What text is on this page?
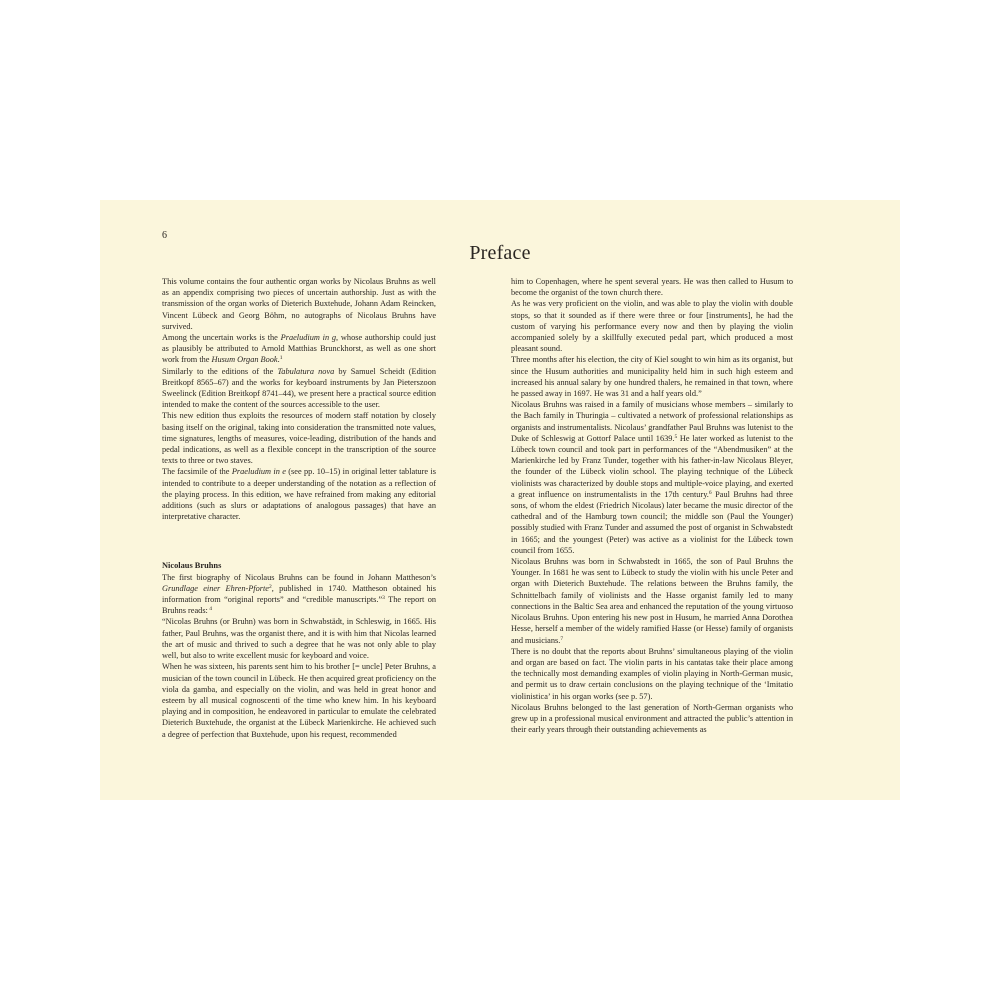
6
Preface

This volume contains the four authentic organ works by Nicolaus Bruhns as well as an appendix comprising two pieces of uncertain authorship. Just as with the transmission of the organ works of Dieterich Buxtehude, Johann Adam Reincken, Vincent Lübeck and Georg Böhm, no autographs of Nicolaus Bruhns have survived.

Among the uncertain works is the Praeludium in g, whose authorship could just as plausibly be attributed to Arnold Matthias Brunckhorst, as well as one short work from the Husum Organ Book.$^1$

Similarly to the editions of the Tabulatura nova by Samuel Scheidt (Edition Breitkopf 8565–67) and the works for keyboard instruments by Jan Pieterszoon Sweelinck (Edition Breitkopf 8741–44), we present here a practical source edition intended to make the content of the sources accessible to the user.

This new edition thus exploits the resources of modern staff notation by closely basing itself on the original, taking into consideration the transmitted note values, time signatures, lengths of measures, voice-leading, distribution of the hands and pedal indications, as well as a flexible concept in the transcription of the source texts to three or two staves.

The facsimile of the Praeludium in e (see pp. 10–15) in original letter tablature is intended to contribute to a deeper understanding of the notation as a reflection of the playing process. In this edition, we have refrained from making any editorial additions (such as slurs or adaptations of analogous passages) that have an interpretative character.

Nicolaus Bruhns

The first biography of Nicolaus Bruhns can be found in Johann Mattheson’s Grundlage einer Ehren-Pforte$^2$, published in 1740. Mattheson obtained his information from “original reports” and “credible manuscripts.”$^3$ The report on Bruhns reads: $^4$

“Nicolas Bruhns (or Bruhn) was born in Schwabstädt, in Schleswig, in 1665. His father, Paul Bruhns, was the organist there, and it is with him that Nicolas learned the art of music and thrived to such a degree that he was not only able to play well, but also to write excellent music for keyboard and voice.

When he was sixteen, his parents sent him to his brother [= uncle] Peter Bruhns, a musician of the town council in Lübeck. He then acquired great proficiency on the viola da gamba, and especially on the violin, and was held in great honor and esteem by all musical cognoscenti of the time who knew him. In his keyboard playing and in composition, he endeavored in particular to emulate the celebrated Dieterich Buxtehude, the organist at the Lübeck Marienkirche. He achieved such a degree of perfection that Buxtehude, upon his request, recommended

him to Copenhagen, where he spent several years. He was then called to Husum to become the organist of the town church there.

As he was very proficient on the violin, and was able to play the violin with double stops, so that it sounded as if there were three or four [instruments], he had the custom of varying his performance every now and then by playing the violin accompanied solely by a skillfully executed pedal part, which produced a most pleasant sound.

Three months after his election, the city of Kiel sought to win him as its organist, but since the Husum authorities and municipality held him in such high esteem and increased his annual salary by one hundred thalers, he remained in that town, where he passed away in 1697. He was 31 and a half years old.”

Nicolaus Bruhns was raised in a family of musicians whose members – similarly to the Bach family in Thuringia – cultivated a network of professional relationships as organists and instrumentalists. Nicolaus’ grandfather Paul Bruhns was lutenist to the Duke of Schleswig at Gottorf Palace until 1639.$^5$ He later worked as lutenist to the Lübeck town council and took part in performances of the “Abendmusiken” at the Marienkirche led by Franz Tunder, together with his father-in-law Nicolaus Bleyer, the founder of the Lübeck violin school. The playing technique of the Lübeck violinists was characterized by double stops and multiple-voice playing, and exerted a great influence on instrumentalists in the 17th century.$^6$ Paul Bruhns had three sons, of whom the eldest (Friedrich Nicolaus) later became the music director of the cathedral and of the Hamburg town council; the middle son (Paul the Younger) possibly studied with Franz Tunder and assumed the post of organist in Schwabstedt in 1665; and the youngest (Peter) was active as a violinist for the Lübeck town council from 1655.

Nicolaus Bruhns was born in Schwabstedt in 1665, the son of Paul Bruhns the Younger. In 1681 he was sent to Lübeck to study the violin with his uncle Peter and organ with Dieterich Buxtehude. The relations between the Bruhns family, the Schnittelbach family of violinists and the Hasse organist family led to many connections in the Baltic Sea area and enhanced the reputation of the young virtuoso Nicolaus Bruhns. Upon entering his new post in Husum, he married Anna Dorothea Hesse, herself a member of the widely ramified Hasse (or Hesse) family of organists and musicians.$^7$

There is no doubt that the reports about Bruhns’ simultaneous playing of the violin and organ are based on fact. The violin parts in his cantatas take their place among the technically most demanding examples of violin playing in North-German music, and permit us to draw certain conclusions on the playing technique of the ‘Imitatio violinistica’ in his organ works (see p. 57).

Nicolaus Bruhns belonged to the last generation of North-German organists who grew up in a professional musical environment and attracted the public’s attention in their early years through their outstanding achievements as
